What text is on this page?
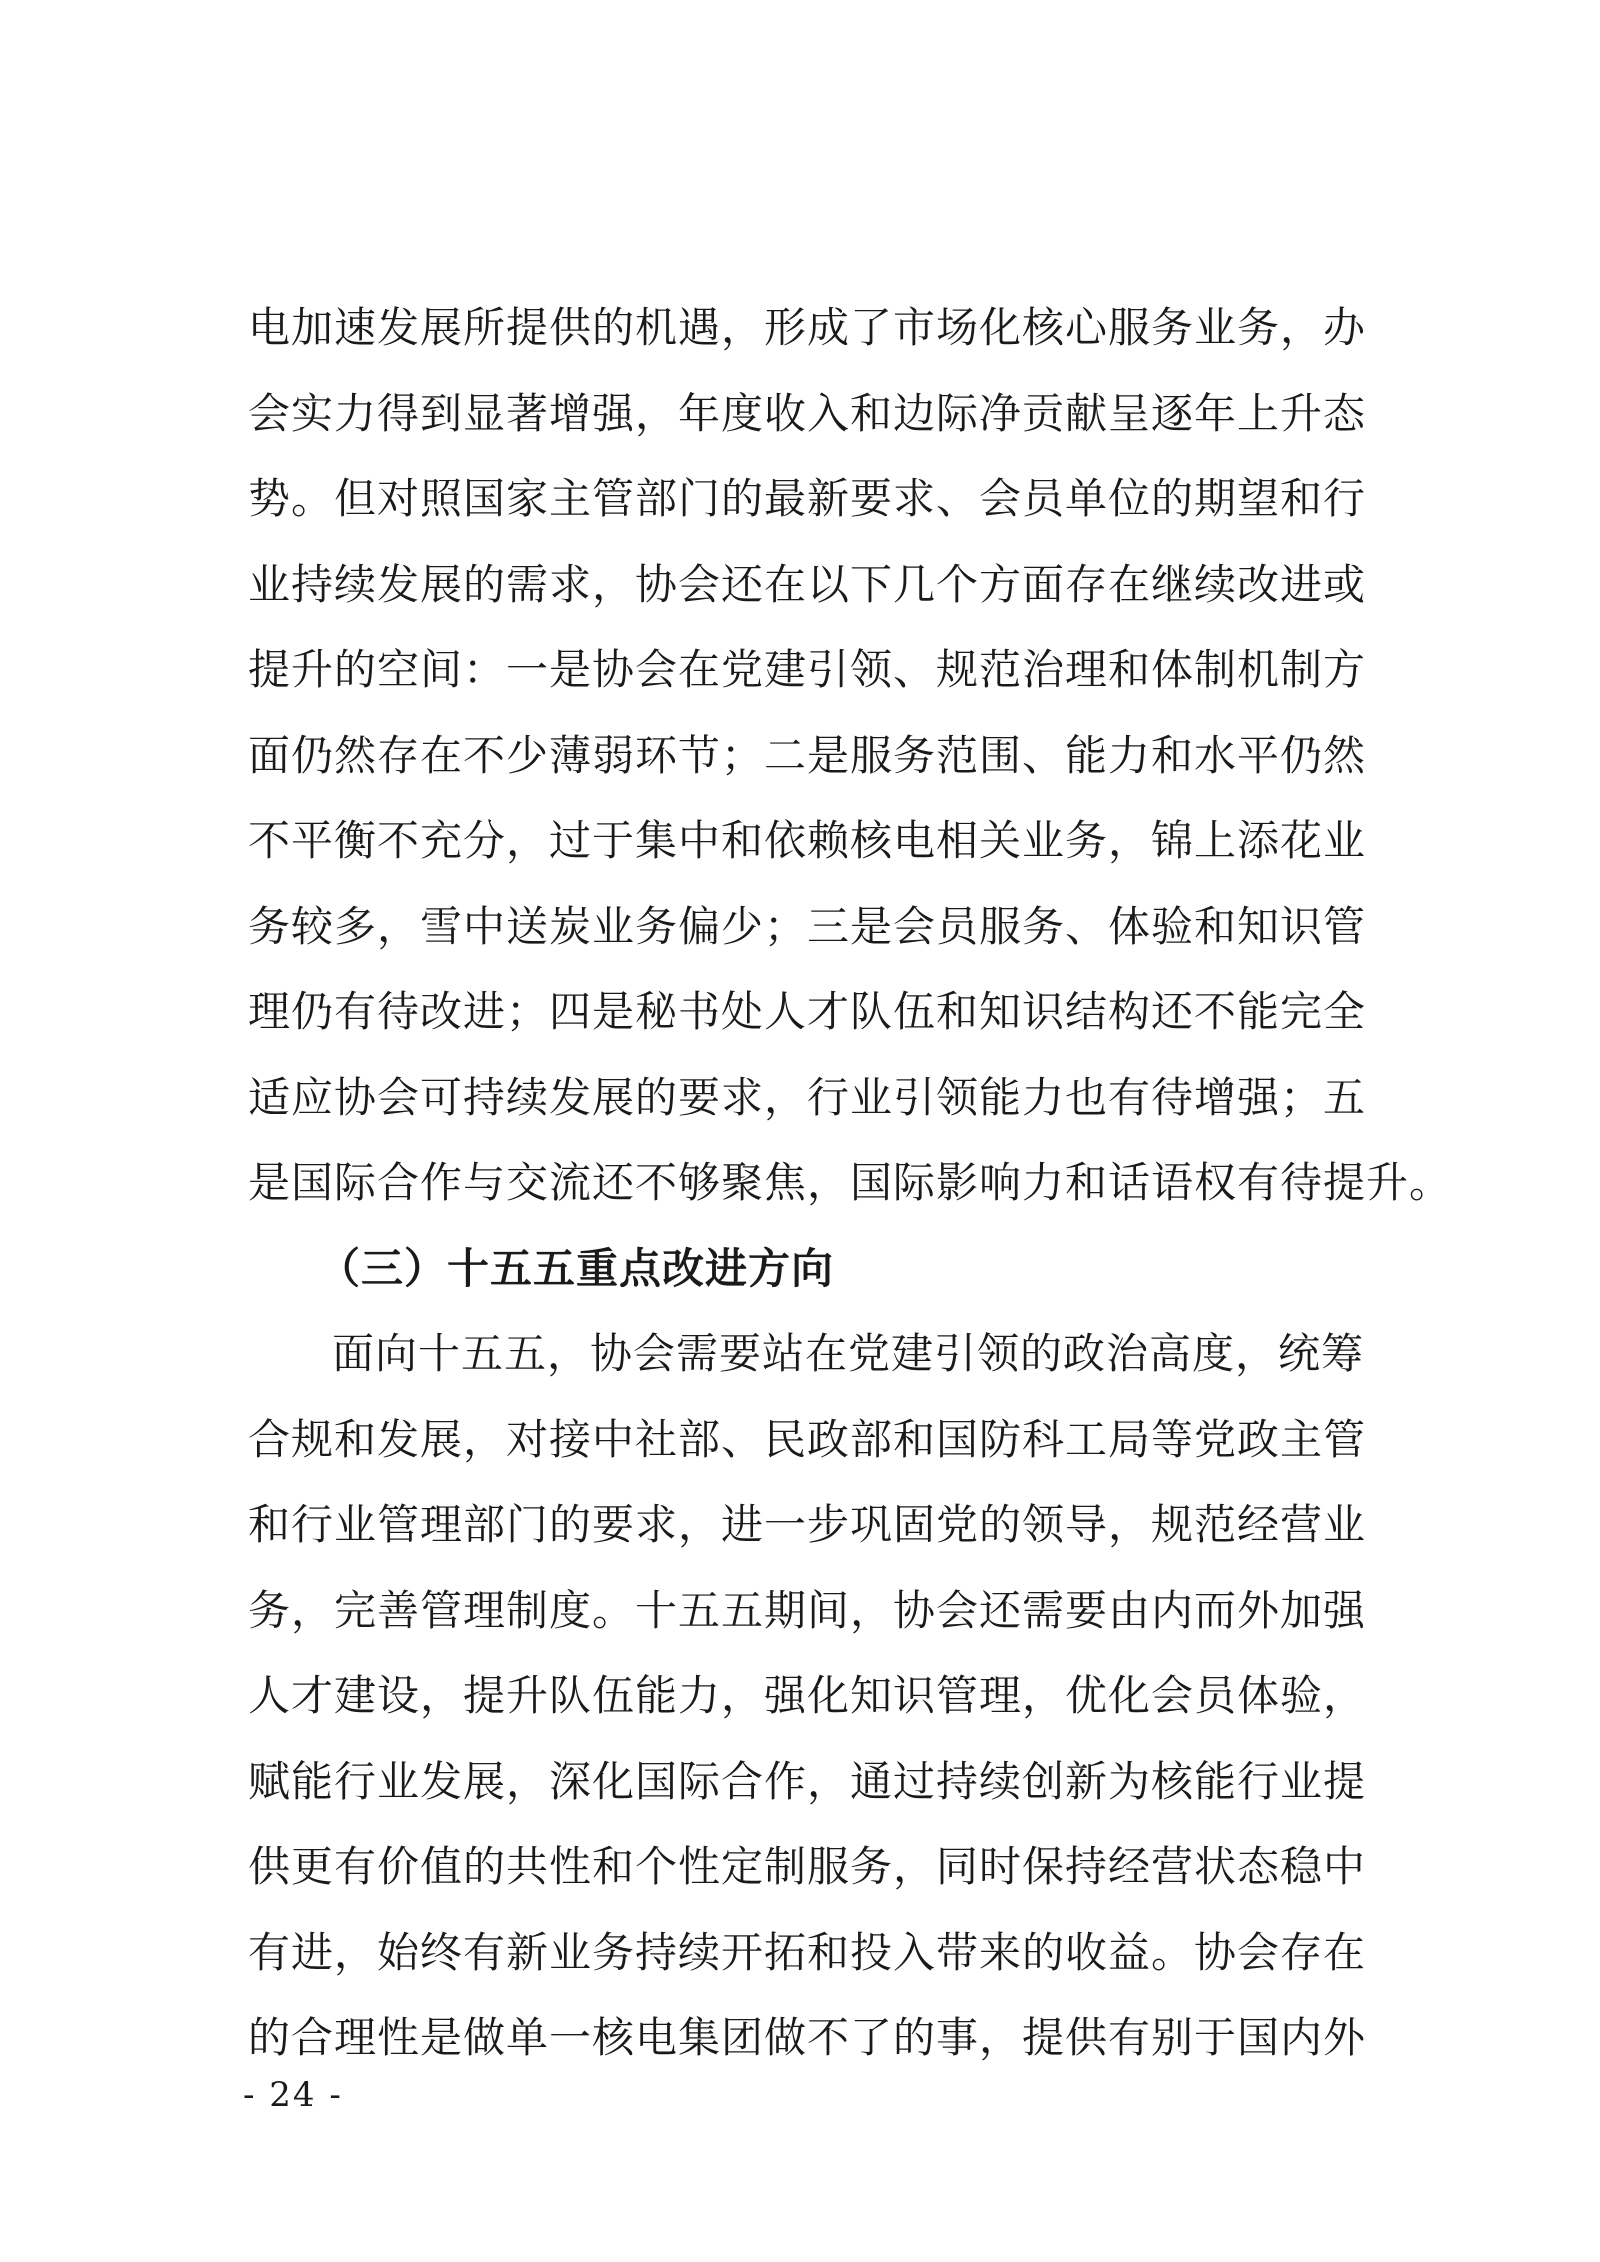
电加速发展所提供的机遇，形成了市场化核心服务业务，办
会实力得到显著增强，年度收入和边际净贡献呈逐年上升态
势。但对照国家主管部门的最新要求、会员单位的期望和行
业持续发展的需求，协会还在以下几个方面存在继续改进或
提升的空间：一是协会在党建引领、规范治理和体制机制方
面仍然存在不少薄弱环节；二是服务范围、能力和水平仍然
不平衡不充分，过于集中和依赖核电相关业务，锦上添花业
务较多，雪中送炭业务偏少；三是会员服务、体验和知识管
理仍有待改进；四是秘书处人才队伍和知识结构还不能完全
适应协会可持续发展的要求，行业引领能力也有待增强；五
是国际合作与交流还不够聚焦，国际影响力和话语权有待提升。
（三）十五五重点改进方向
面向十五五，协会需要站在党建引领的政治高度，统筹
合规和发展，对接中社部、民政部和国防科工局等党政主管
和行业管理部门的要求，进一步巩固党的领导，规范经营业
务，完善管理制度。十五五期间，协会还需要由内而外加强
人才建设，提升队伍能力，强化知识管理，优化会员体验，
赋能行业发展，深化国际合作，通过持续创新为核能行业提
供更有价值的共性和个性定制服务，同时保持经营状态稳中
有进，始终有新业务持续开拓和投入带来的收益。协会存在
的合理性是做单一核电集团做不了的事，提供有别于国内外
- 24 -
